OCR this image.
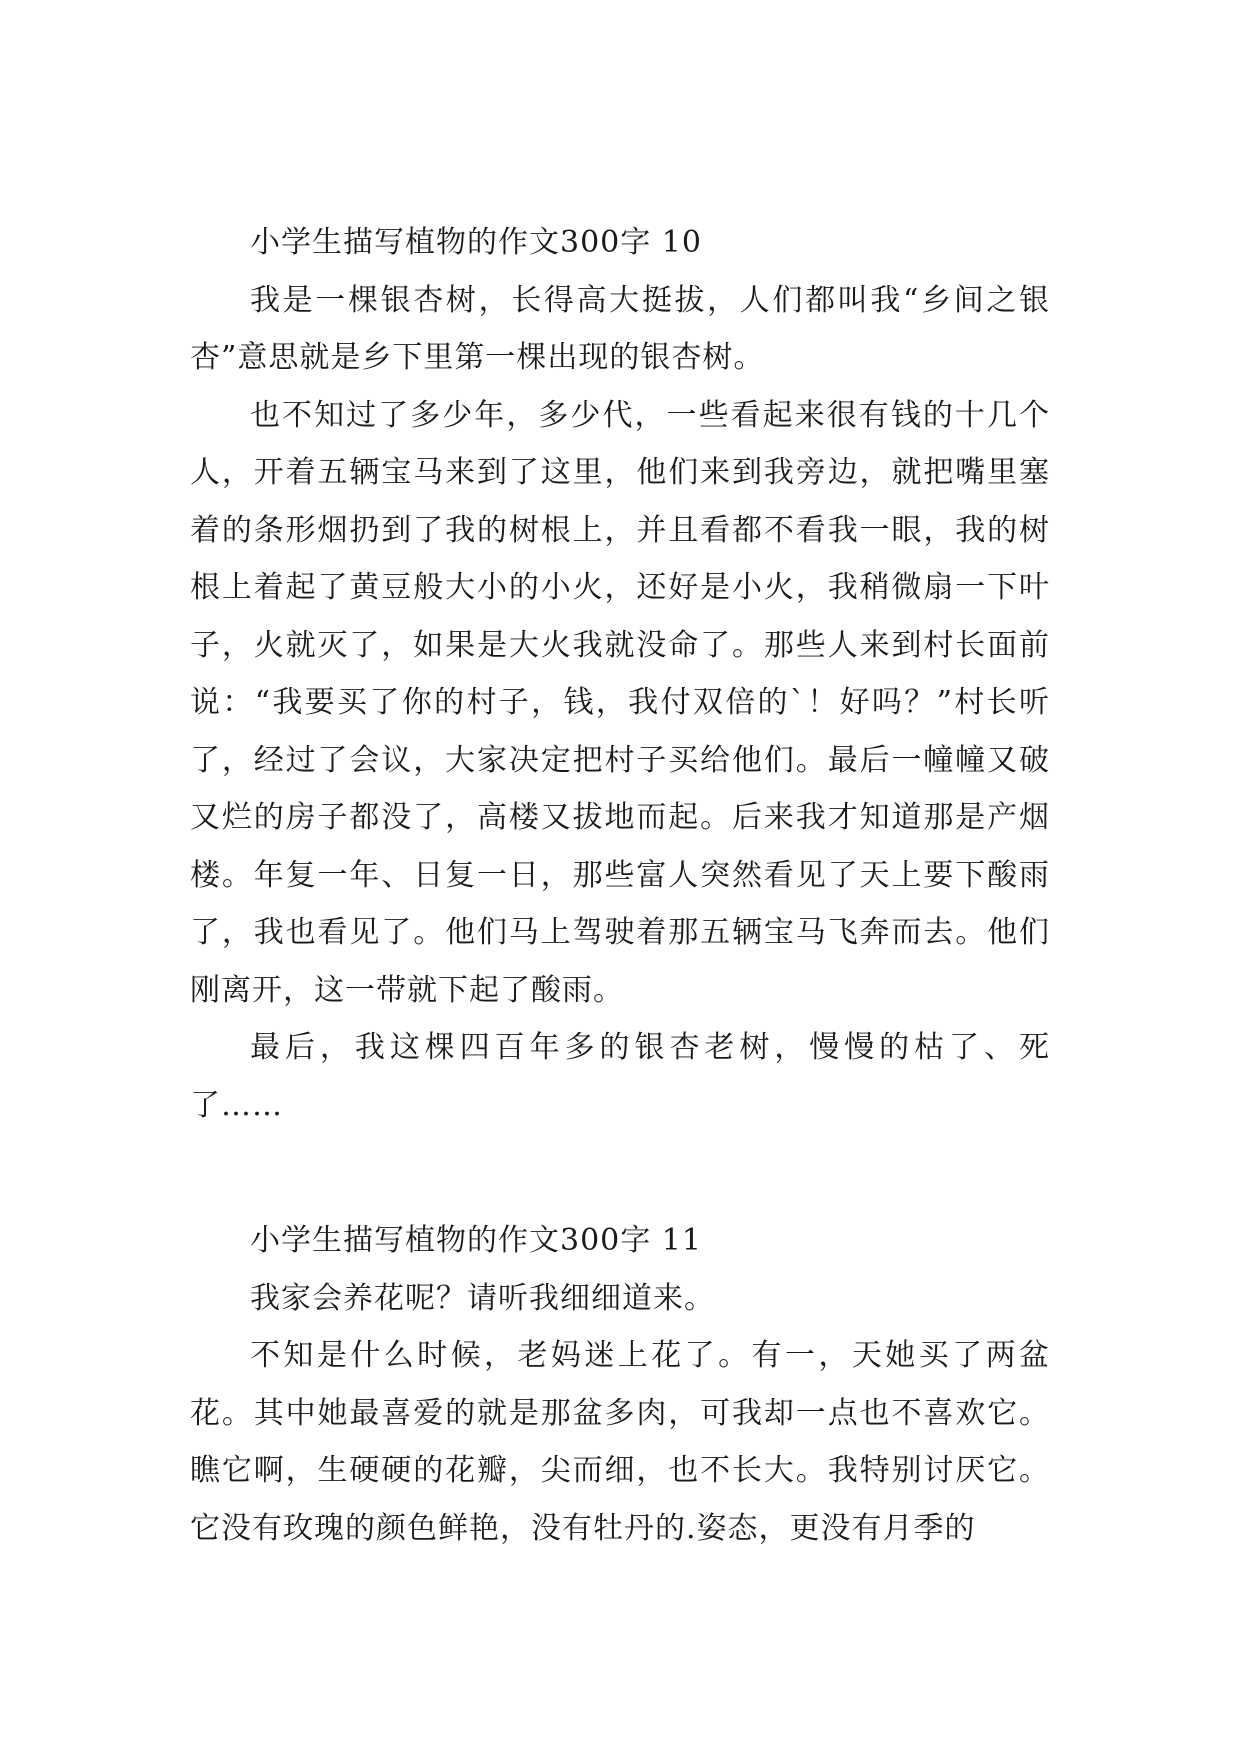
小学生描写植物的作文300字 10

我是一棵银杏树，长得高大挺拔，人们都叫我“乡间之银杏”意思就是乡下里第一棵出现的银杏树。

也不知过了多少年，多少代，一些看起来很有钱的十几个人，开着五辆宝马来到了这里，他们来到我旁边，就把嘴里塞着的条形烟扔到了我的树根上，并且看都不看我一眼，我的树根上着起了黄豆般大小的小火，还好是小火，我稍微扇一下叶子，火就灭了，如果是大火我就没命了。那些人来到村长面前说：“我要买了你的村子，钱，我付双倍的`！好吗？”村长听了，经过了会议，大家决定把村子买给他们。最后一幢幢又破又烂的房子都没了，高楼又拔地而起。后来我才知道那是产烟楼。年复一年、日复一日，那些富人突然看见了天上要下酸雨了，我也看见了。他们马上驾驶着那五辆宝马飞奔而去。他们刚离开，这一带就下起了酸雨。

最后，我这棵四百年多的银杏老树，慢慢的枯了、死了……

小学生描写植物的作文300字 11

我家会养花呢？请听我细细道来。

不知是什么时候，老妈迷上花了。有一，天她买了两盆花。其中她最喜爱的就是那盆多肉，可我却一点也不喜欢它。瞧它啊，生硬硬的花瓣，尖而细，也不长大。我特别讨厌它。它没有玫瑰的颜色鲜艳，没有牡丹的.姿态，更没有月季的
